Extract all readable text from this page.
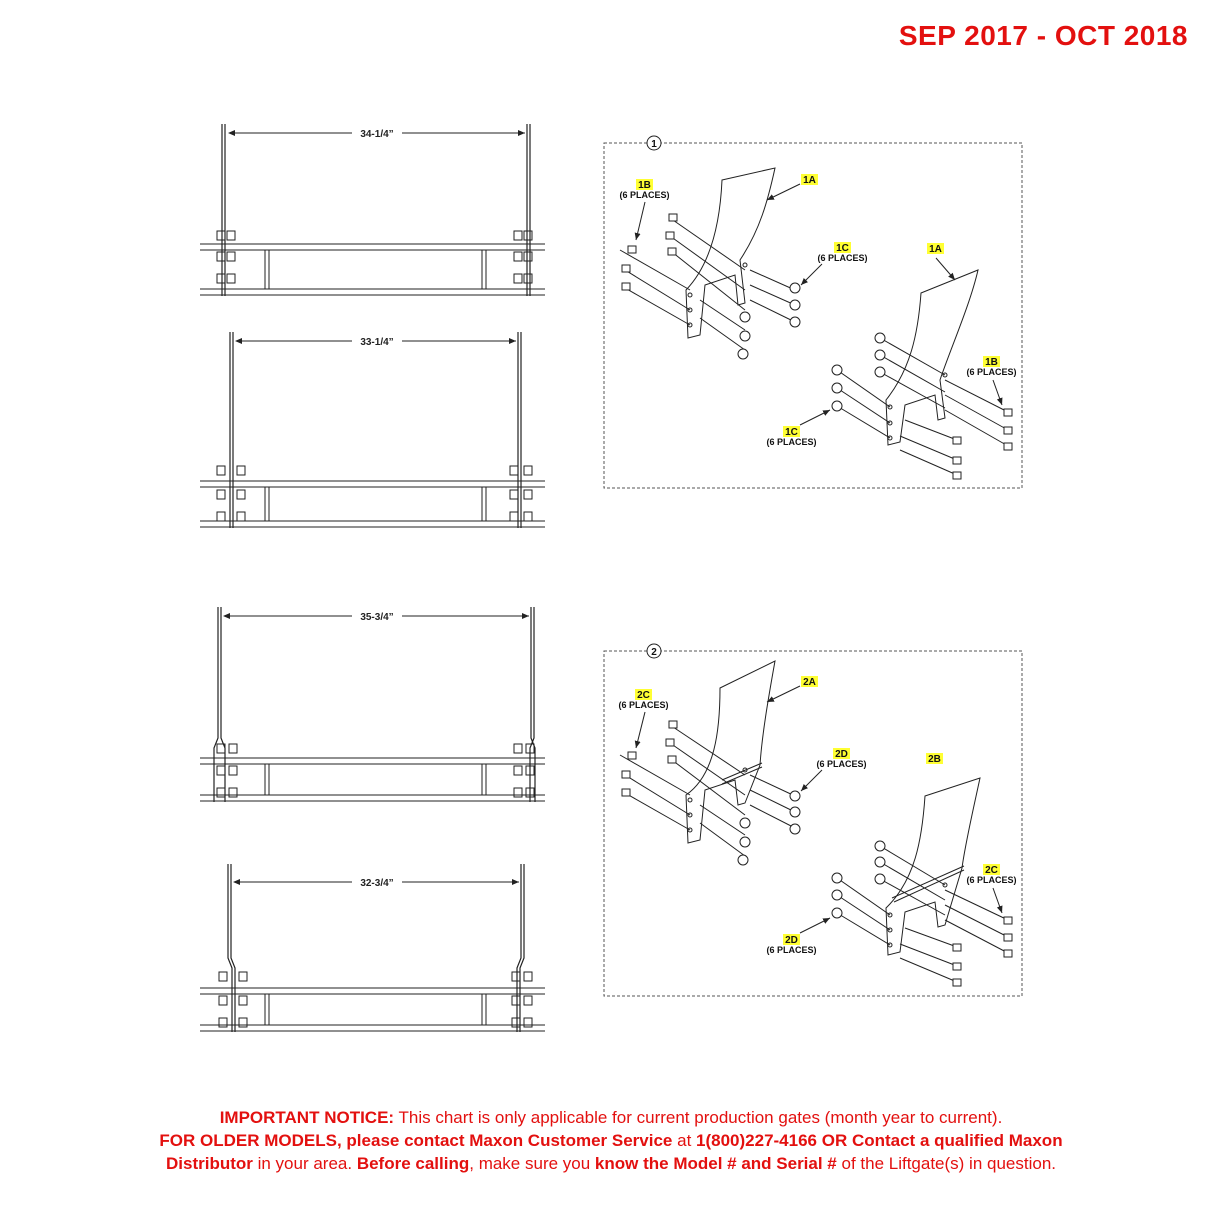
SEP 2017 - OCT 2018
34-1/4”
33-1/4”
35-3/4”
32-3/4”
1
1B
(6 PLACES)
1A
1C
(6 PLACES)
1A
1B
(6 PLACES)
1C
(6 PLACES)
2
2C
(6 PLACES)
2A
2D
(6 PLACES)	2B
2C
(6 PLACES)
2D
(6 PLACES)
IMPORTANT NOTICE: This chart is only applicable for current production gates (month year to current).
FOR OLDER MODELS, please contact Maxon Customer Service at 1(800)227-4166 OR Contact a qualified Maxon
Distributor in your area. Before calling, make sure you know the Model # and Serial # of the Liftgate(s) in question.
